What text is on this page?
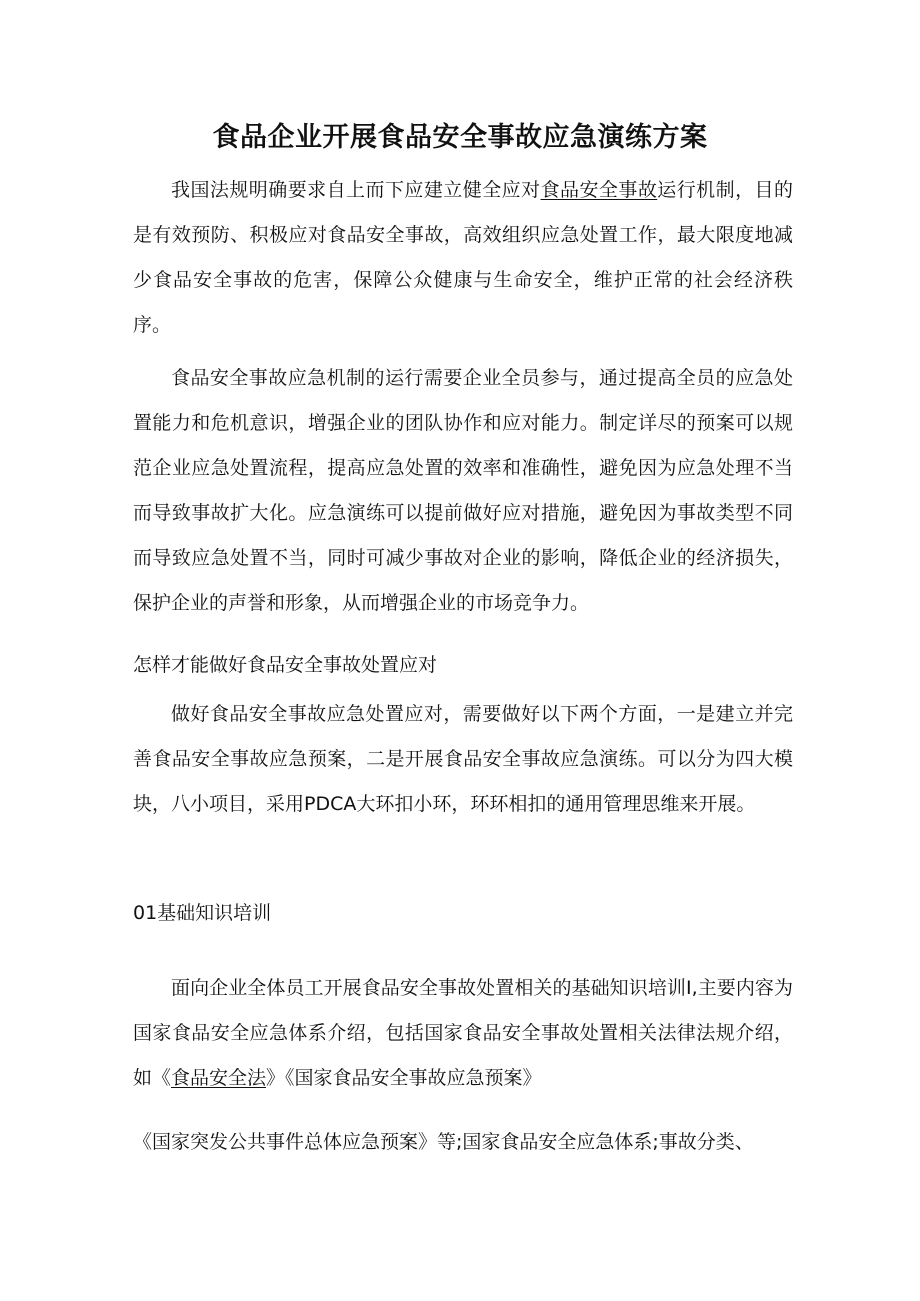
食品企业开展食品安全事故应急演练方案

我国法规明确要求自上而下应建立健全应对食品安全事故运行机制，目的是有效预防、积极应对食品安全事故，高效组织应急处置工作，最大限度地减少食品安全事故的危害，保障公众健康与生命安全，维护正常的社会经济秩序。

食品安全事故应急机制的运行需要企业全员参与，通过提高全员的应急处置能力和危机意识，增强企业的团队协作和应对能力。制定详尽的预案可以规范企业应急处置流程，提高应急处置的效率和准确性，避免因为应急处理不当而导致事故扩大化。应急演练可以提前做好应对措施，避免因为事故类型不同而导致应急处置不当，同时可减少事故对企业的影响，降低企业的经济损失，保护企业的声誉和形象，从而增强企业的市场竞争力。

怎样才能做好食品安全事故处置应对

做好食品安全事故应急处置应对，需要做好以下两个方面，一是建立并完善食品安全事故应急预案，二是开展食品安全事故应急演练。可以分为四大模块，八小项目，采用PDCA大环扣小环，环环相扣的通用管理思维来开展。

01基础知识培训

面向企业全体员工开展食品安全事故处置相关的基础知识培训I,主要内容为国家食品安全应急体系介绍，包括国家食品安全事故处置相关法律法规介绍，如《食品安全法》《国家食品安全事故应急预案》

《国家突发公共事件总体应急预案》等;国家食品安全应急体系;事故分类、
